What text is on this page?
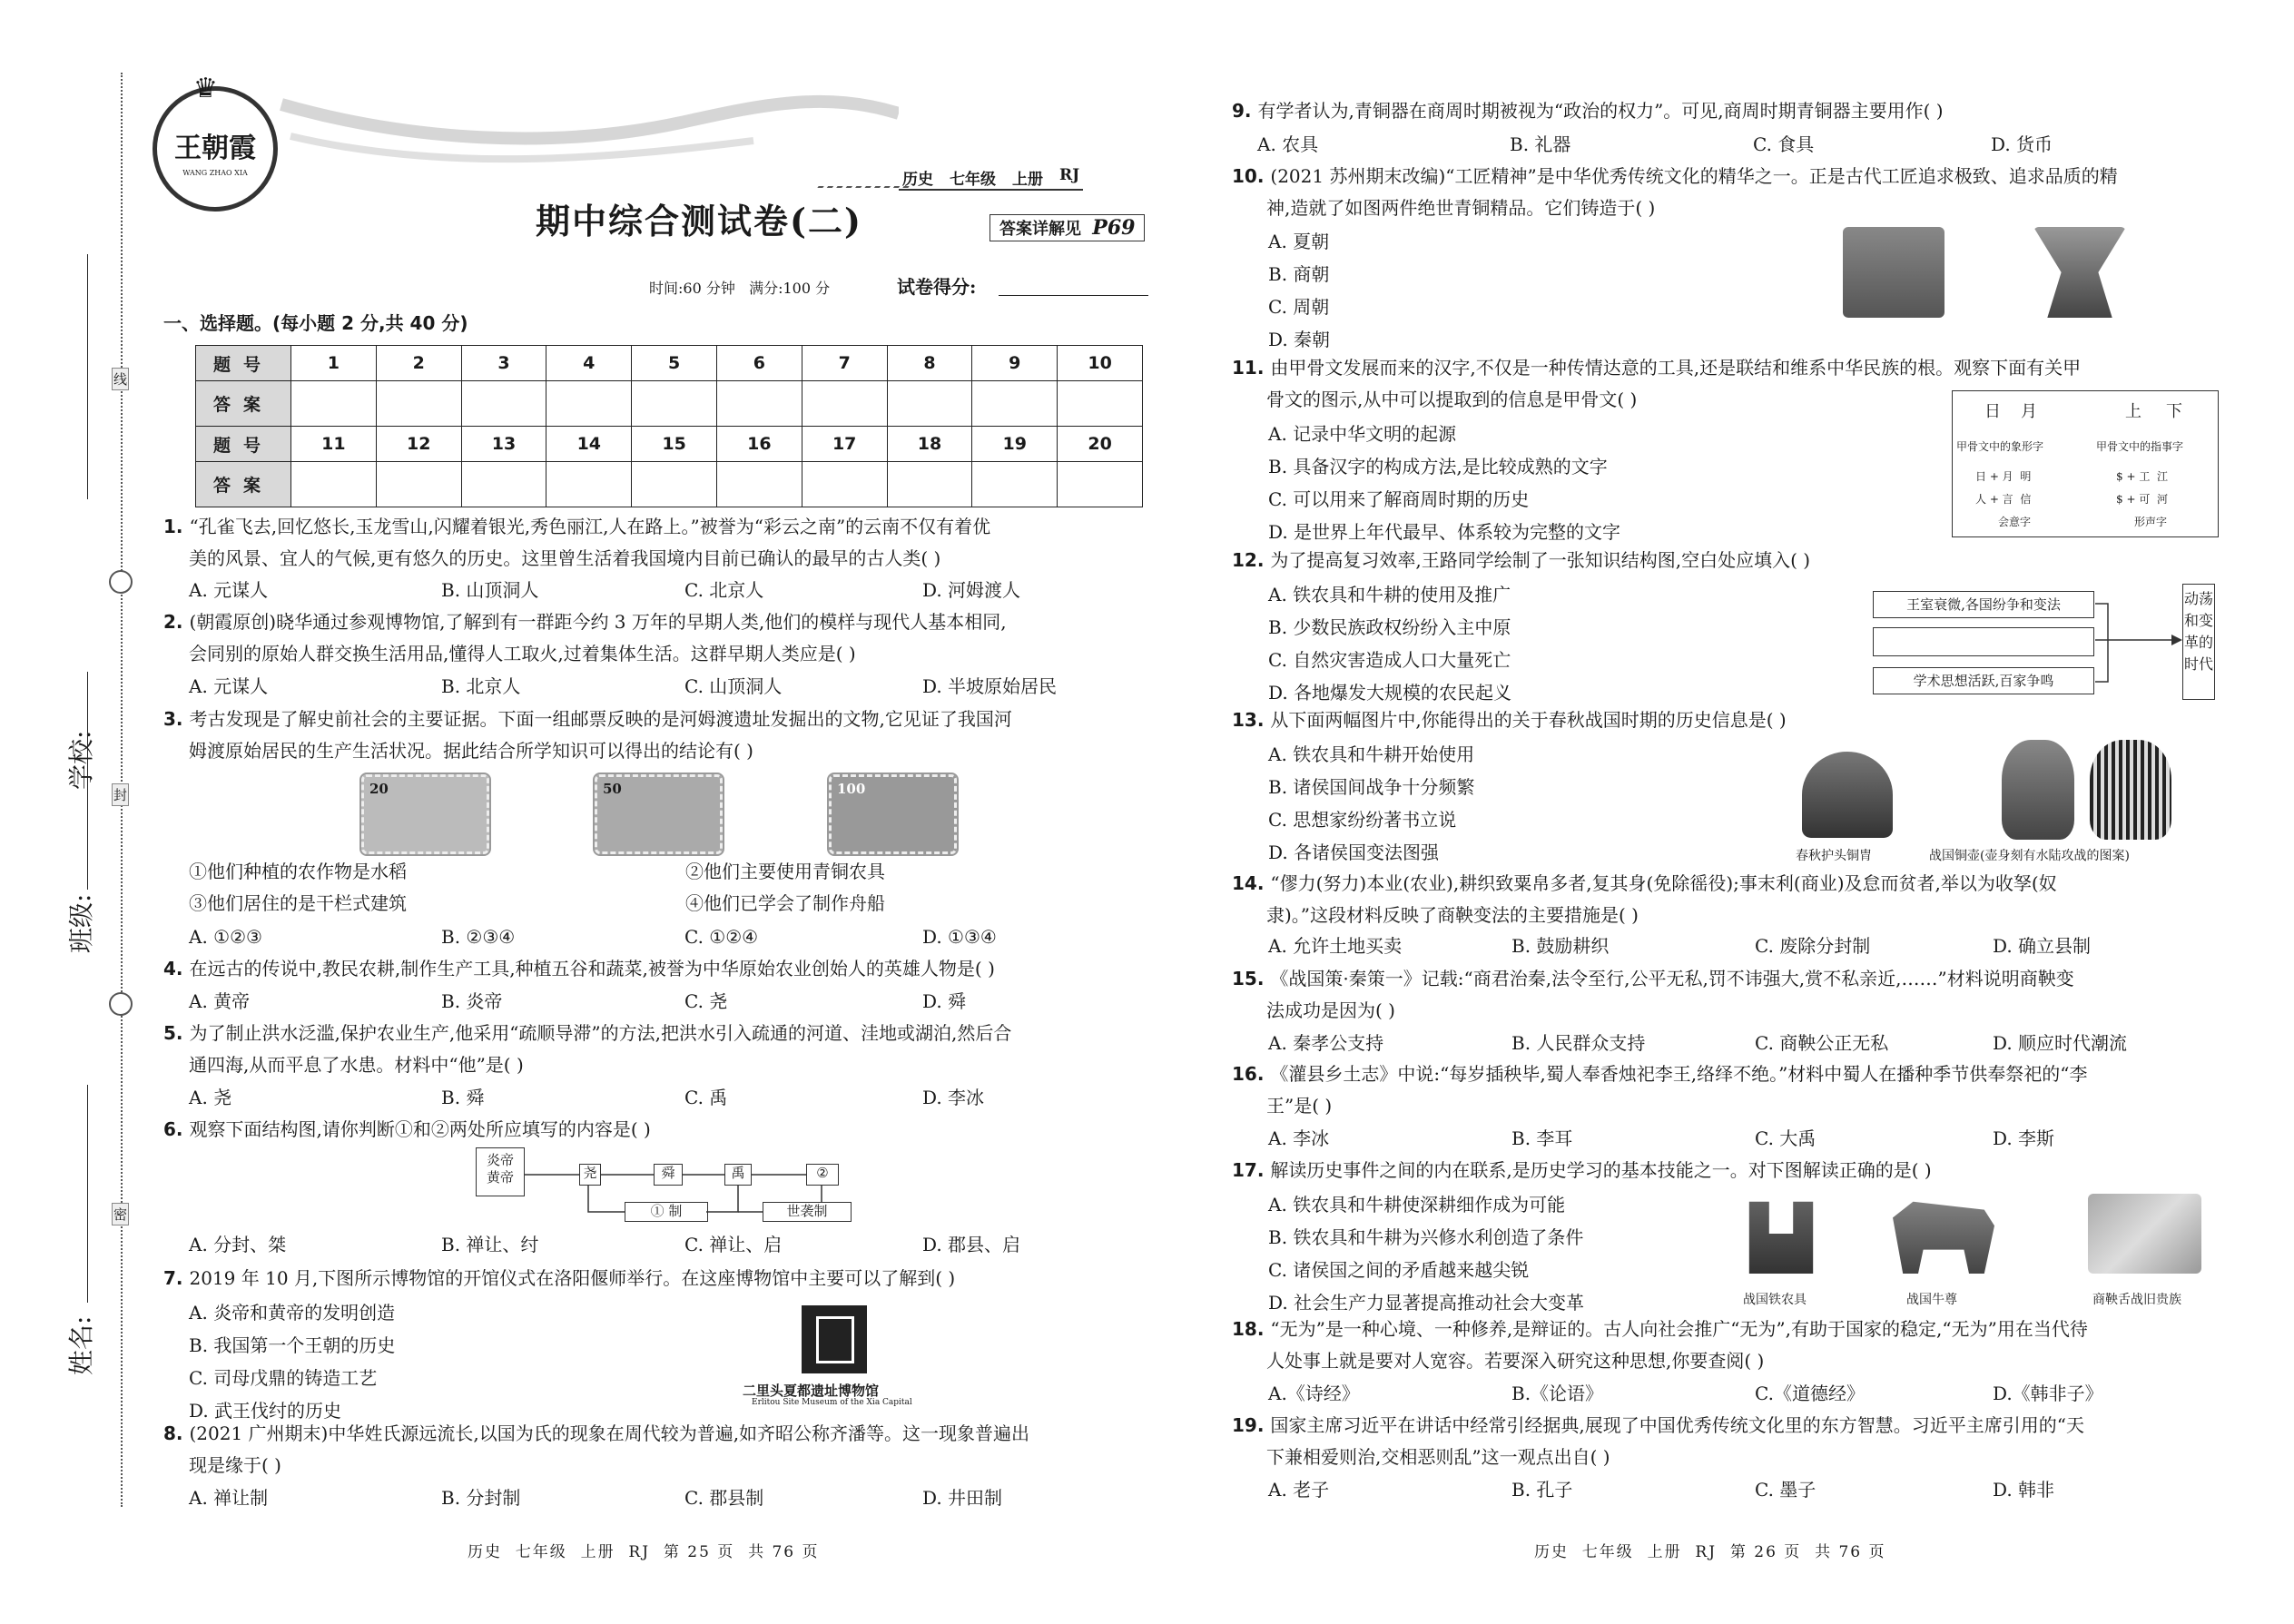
线
封
密
学校:
班级:
姓名:
♛
王朝霞
WANG ZHAO XIA	历史 七年级 上册 RJ
期中综合测试卷(二)	答案详解见 P69
时间:60 分钟   满分:100 分	试卷得分:
一、选择题。(每小题 2 分,共 40 分)
题号	1	2	3	4	5	6	7	8	9	10
答案										
题号	11	12	13	14	15	16	17	18	19	20
答案										
1. “孔雀飞去,回忆悠长,玉龙雪山,闪耀着银光,秀色丽江,人在路上。”被誉为“彩云之南”的云南不仅有着优
美的风景、宜人的气候,更有悠久的历史。这里曾生活着我国境内目前已确认的最早的古人类( )
A. 元谋人	B. 山顶洞人	C. 北京人	D. 河姆渡人
2. (朝霞原创)晓华通过参观博物馆,了解到有一群距今约 3 万年的早期人类,他们的模样与现代人基本相同,
会同别的原始人群交换生活用品,懂得人工取火,过着集体生活。这群早期人类应是( )
A. 元谋人	B. 北京人	C. 山顶洞人	D. 半坡原始居民
3. 考古发现是了解史前社会的主要证据。下面一组邮票反映的是河姆渡遗址发掘出的文物,它见证了我国河
姆渡原始居民的生产生活状况。据此结合所学知识可以得出的结论有( )
20	50	100
①他们种植的农作物是水稻	②他们主要使用青铜农具
③他们居住的是干栏式建筑	④他们已学会了制作舟船
A. ①②③	B. ②③④	C. ①②④	D. ①③④
4. 在远古的传说中,教民农耕,制作生产工具,种植五谷和蔬菜,被誉为中华原始农业创始人的英雄人物是( )
A. 黄帝	B. 炎帝	C. 尧	D. 舜
5. 为了制止洪水泛滥,保护农业生产,他采用“疏顺导滞”的方法,把洪水引入疏通的河道、洼地或湖泊,然后合
通四海,从而平息了水患。材料中“他”是( )
A. 尧	B. 舜	C. 禹	D. 李冰
6. 观察下面结构图,请你判断①和②两处所应填写的内容是( )
炎帝
黄帝	尧	舜	禹	②
① 制	世袭制
A. 分封、桀	B. 禅让、纣	C. 禅让、启	D. 郡县、启
7. 2019 年 10 月,下图所示博物馆的开馆仪式在洛阳偃师举行。在这座博物馆中主要可以了解到( )
A. 炎帝和黄帝的发明创造
B. 我国第一个王朝的历史
C. 司母戊鼎的铸造工艺
D. 武王伐纣的历史
二里头夏都遗址博物馆
Erlitou Site Museum of the Xia Capital
8. (2021 广州期末)中华姓氏源远流长,以国为氏的现象在周代较为普遍,如齐昭公称齐潘等。这一现象普遍出
现是缘于( )
A. 禅让制	B. 分封制	C. 郡县制	D. 井田制
历史  七年级  上册  RJ  第 25 页  共 76 页
9. 有学者认为,青铜器在商周时期被视为“政治的权力”。可见,商周时期青铜器主要用作( )
A. 农具	B. 礼器	C. 食具	D. 货币
10. (2021 苏州期末改编)“工匠精神”是中华优秀传统文化的精华之一。正是古代工匠追求极致、追求品质的精
神,造就了如图两件绝世青铜精品。它们铸造于( )
A. 夏朝
B. 商朝
C. 周朝
D. 秦朝
11. 由甲骨文发展而来的汉字,不仅是一种传情达意的工具,还是联结和维系中华民族的根。观察下面有关甲
骨文的图示,从中可以提取到的信息是甲骨文( )
A. 记录中华文明的起源
B. 具备汉字的构成方法,是比较成熟的文字
C. 可以用来了解商周时期的历史
D. 是世界上年代最早、体系较为完整的文字
日 月	上 下
甲骨文中的象形字	甲骨文中的指事字
日 + 月  明
人 + 言  信
会意字
$ + 工  江
$ + 可  河
形声字
12. 为了提高复习效率,王路同学绘制了一张知识结构图,空白处应填入( )
A. 铁农具和牛耕的使用及推广
B. 少数民族政权纷纷入主中原
C. 自然灾害造成人口大量死亡
D. 各地爆发大规模的农民起义
王室衰微,各国纷争和变法
学术思想活跃,百家争鸣
动荡和变革的时代
13. 从下面两幅图片中,你能得出的关于春秋战国时期的历史信息是( )
A. 铁农具和牛耕开始使用
B. 诸侯国间战争十分频繁
C. 思想家纷纷著书立说
D. 各诸侯国变法图强	春秋护头铜胄	战国铜壶(壶身刻有水陆攻战的图案)
14. “僇力(努力)本业(农业),耕织致粟帛多者,复其身(免除徭役);事末利(商业)及怠而贫者,举以为收孥(奴
隶)。”这段材料反映了商鞅变法的主要措施是( )
A. 允许土地买卖	B. 鼓励耕织	C. 废除分封制	D. 确立县制
15. 《战国策·秦策一》记载:“商君治秦,法令至行,公平无私,罚不讳强大,赏不私亲近,……”材料说明商鞅变
法成功是因为( )
A. 秦孝公支持	B. 人民群众支持	C. 商鞅公正无私	D. 顺应时代潮流
16. 《灌县乡土志》中说:“每岁插秧毕,蜀人奉香烛祀李王,络绎不绝。”材料中蜀人在播种季节供奉祭祀的“李
王”是( )
A. 李冰	B. 李耳	C. 大禹	D. 李斯
17. 解读历史事件之间的内在联系,是历史学习的基本技能之一。对下图解读正确的是( )
A. 铁农具和牛耕使深耕细作成为可能
B. 铁农具和牛耕为兴修水利创造了条件
C. 诸侯国之间的矛盾越来越尖锐
D. 社会生产力显著提高推动社会大变革	战国铁农具	战国牛尊	商鞅舌战旧贵族
18. “无为”是一种心境、一种修养,是辩证的。古人向社会推广“无为”,有助于国家的稳定,“无为”用在当代待
人处事上就是要对人宽容。若要深入研究这种思想,你要查阅( )
A.《诗经》	B.《论语》	C.《道德经》	D.《韩非子》
19. 国家主席习近平在讲话中经常引经据典,展现了中国优秀传统文化里的东方智慧。习近平主席引用的“天
下兼相爱则治,交相恶则乱”这一观点出自( )
A. 老子	B. 孔子	C. 墨子	D. 韩非
历史  七年级  上册  RJ  第 26 页  共 76 页
